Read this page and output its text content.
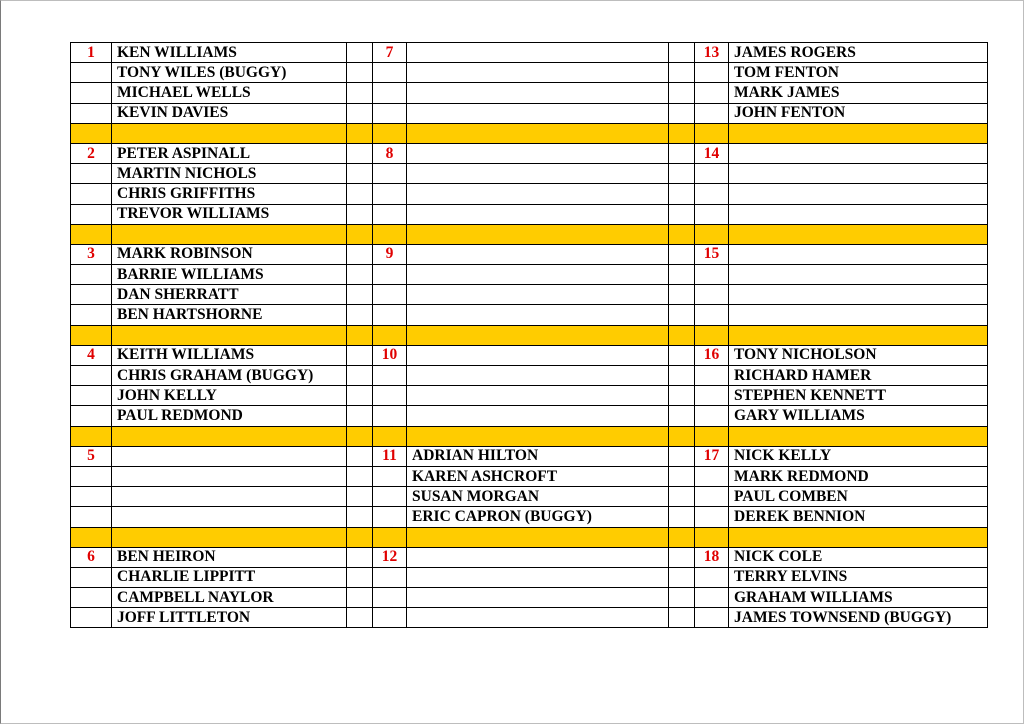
1	KEN WILLIAMS		7			13	JAMES ROGERS
	TONY WILES (BUGGY)						TOM FENTON
	MICHAEL WELLS						MARK JAMES
	KEVIN DAVIES						JOHN FENTON

2	PETER ASPINALL		8			14	
	MARTIN NICHOLS						
	CHRIS GRIFFITHS						
	TREVOR WILLIAMS						

3	MARK ROBINSON		9			15	
	BARRIE WILLIAMS						
	DAN SHERRATT						
	BEN HARTSHORNE						

4	KEITH WILLIAMS		10			16	TONY NICHOLSON
	CHRIS GRAHAM (BUGGY)						RICHARD HAMER
	JOHN KELLY						STEPHEN KENNETT
	PAUL REDMOND						GARY WILLIAMS

5			11	ADRIAN HILTON		17	NICK KELLY
				KAREN ASHCROFT			MARK REDMOND
				SUSAN MORGAN			PAUL COMBEN
				ERIC CAPRON (BUGGY)			DEREK BENNION

6	BEN HEIRON		12			18	NICK COLE
	CHARLIE LIPPITT						TERRY ELVINS
	CAMPBELL NAYLOR						GRAHAM WILLIAMS
	JOFF LITTLETON						JAMES TOWNSEND (BUGGY)
